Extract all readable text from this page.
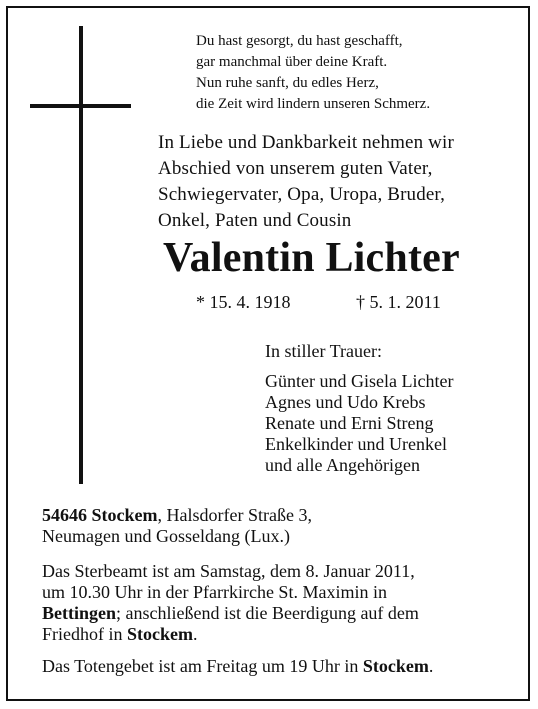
Du hast gesorgt, du hast geschafft,
gar manchmal über deine Kraft.
Nun ruhe sanft, du edles Herz,
die Zeit wird lindern unseren Schmerz.
In Liebe und Dankbarkeit nehmen wir
Abschied von unserem guten Vater,
Schwiegervater, Opa, Uropa, Bruder,
Onkel, Paten und Cousin
Valentin Lichter
* 15. 4. 1918	† 5. 1. 2011
In stiller Trauer:
Günter und Gisela Lichter
Agnes und Udo Krebs
Renate und Erni Streng
Enkelkinder und Urenkel
und alle Angehörigen
54646 Stockem, Halsdorfer Straße 3,
Neumagen und Gosseldang (Lux.)
Das Sterbeamt ist am Samstag, dem 8. Januar 2011,
um 10.30 Uhr in der Pfarrkirche St. Maximin in
Bettingen; anschließend ist die Beerdigung auf dem
Friedhof in Stockem.
Das Totengebet ist am Freitag um 19 Uhr in Stockem.
